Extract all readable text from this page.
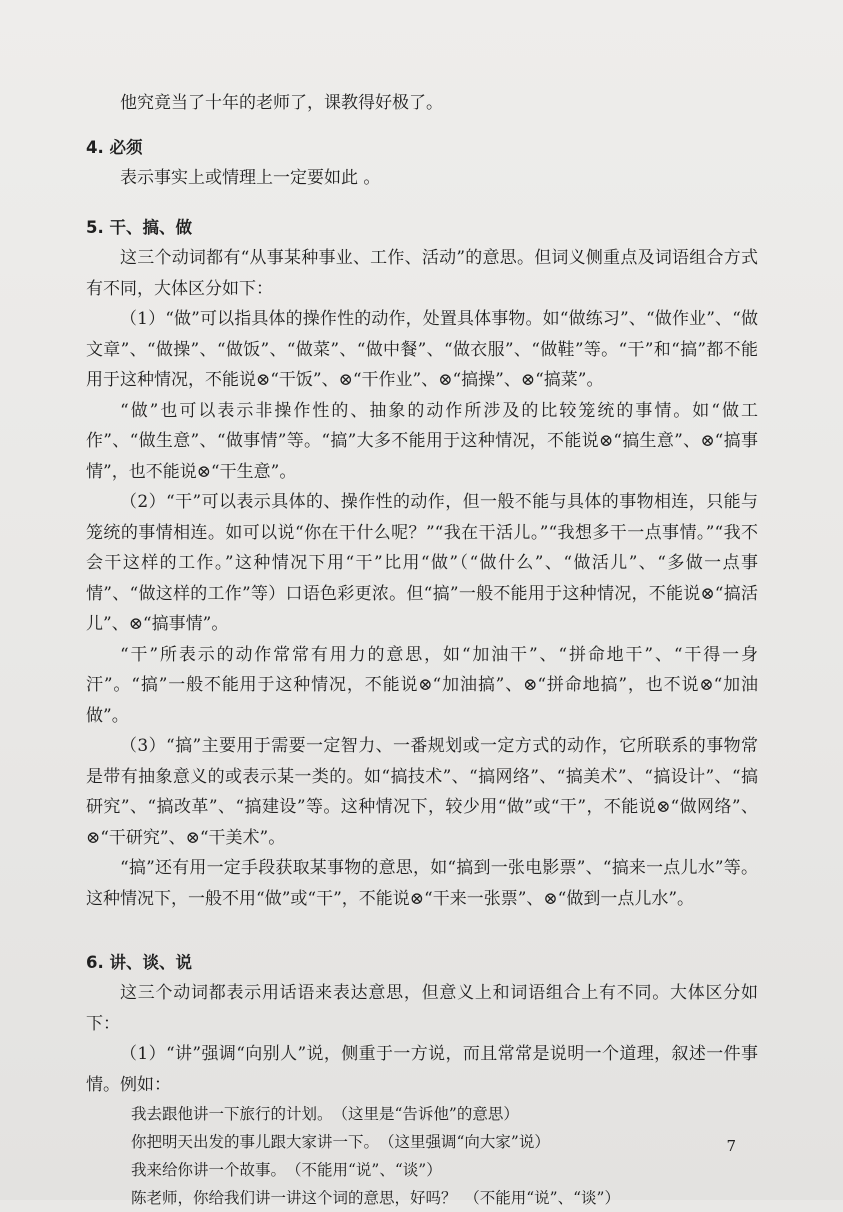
他究竟当了十年的老师了，课教得好极了。

4. 必须

表示事实上或情理上一定要如此 。

5. 干、搞、做

这三个动词都有“从事某种事业、工作、活动”的意思。但词义侧重点及词语组合方式有不同，大体区分如下：

（1）“做”可以指具体的操作性的动作，处置具体事物。如“做练习”、“做作业”、“做文章”、“做操”、“做饭”、“做菜”、“做中餐”、“做衣服”、“做鞋”等。“干”和“搞”都不能用于这种情况，不能说⊗“干饭”、⊗“干作业”、⊗“搞操”、⊗“搞菜”。

“做”也可以表示非操作性的、抽象的动作所涉及的比较笼统的事情。如“做工作”、“做生意”、“做事情”等。“搞”大多不能用于这种情况，不能说⊗“搞生意”、⊗“搞事情”，也不能说⊗“干生意”。

（2）“干”可以表示具体的、操作性的动作，但一般不能与具体的事物相连，只能与笼统的事情相连。如可以说“你在干什么呢？”“我在干活儿。”“我想多干一点事情。”“我不会干这样的工作。”这种情况下用“干”比用“做”（“做什么”、“做活儿”、“多做一点事情”、“做这样的工作”等）口语色彩更浓。但“搞”一般不能用于这种情况，不能说⊗“搞活儿”、⊗“搞事情”。

“干”所表示的动作常常有用力的意思，如“加油干”、“拼命地干”、“干得一身汗”。“搞”一般不能用于这种情况，不能说⊗“加油搞”、⊗“拼命地搞”，也不说⊗“加油做”。

（3）“搞”主要用于需要一定智力、一番规划或一定方式的动作，它所联系的事物常是带有抽象意义的或表示某一类的。如“搞技术”、“搞网络”、“搞美术”、“搞设计”、“搞研究”、“搞改革”、“搞建设”等。这种情况下，较少用“做”或“干”，不能说⊗“做网络”、⊗“干研究”、⊗“干美术”。

“搞”还有用一定手段获取某事物的意思，如“搞到一张电影票”、“搞来一点儿水”等。这种情况下，一般不用“做”或“干”，不能说⊗“干来一张票”、⊗“做到一点儿水”。

6. 讲、谈、说

这三个动词都表示用话语来表达意思，但意义上和词语组合上有不同。大体区分如下：

（1）“讲”强调“向别人”说，侧重于一方说，而且常常是说明一个道理，叙述一件事情。例如：

我去跟他讲一下旅行的计划。　（这里是“告诉他”的意思）

你把明天出发的事儿跟大家讲一下。　（这里强调“向大家”说）

我来给你讲一个故事。　（不能用“说”、“谈”）

陈老师，你给我们讲一讲这个词的意思，好吗？　（不能用“说”、“谈”）

7
